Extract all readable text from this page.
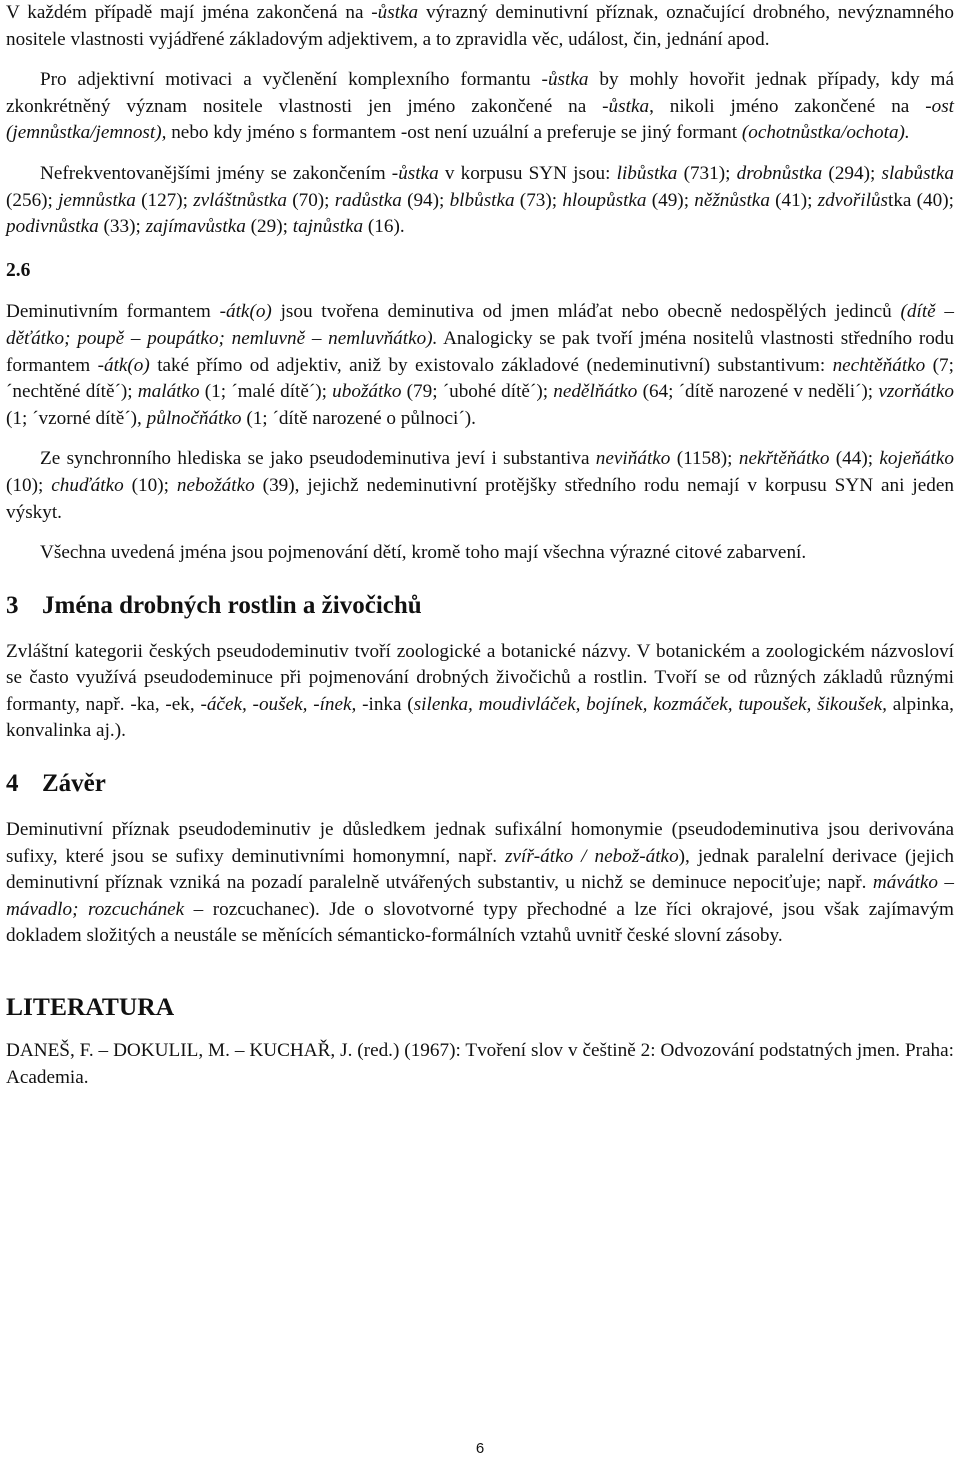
V každém případě mají jména zakončená na -ůstka výrazný deminutivní příznak, označující drobného, nevýznamného nositele vlastnosti vyjádřené základovým adjektivem, a to zpravidla věc, událost, čin, jednání apod.

Pro adjektivní motivaci a vyčlenění komplexního formantu -ůstka by mohly hovořit jednak případy, kdy má zkonkrétněný význam nositele vlastnosti jen jméno zakončené na -ůstka, nikoli jméno zakončené na -ost (jemnůstka/jemnost), nebo kdy jméno s formantem -ost není uzuální a preferuje se jiný formant (ochotnůstka/ochota).

Nefrekventovanějšími jmény se zakončením -ůstka v korpusu SYN jsou: libůstka (731); drobnůstka (294); slabůstka (256); jemnůstka (127); zvláštnůstka (70); radůstka (94); blbůstka (73); hloupůstka (49); něžnůstka (41); zdvořilůstka (40); podivnůstka (33); zajímavůstka (29); tajnůstka (16).

2.6

Deminutivním formantem -átk(o) jsou tvořena deminutiva od jmen mláďat nebo obecně nedospělých jedinců (dítě – děťátko; poupě – poupátko; nemluvně – nemluvňátko). Analogicky se pak tvoří jména nositelů vlastnosti středního rodu formantem -átk(o) také přímo od adjektiv, aniž by existovalo základové (nedeminutivní) substantivum: nechtěňátko (7; ´nechtěné dítě´); malátko (1; ´malé dítě´); ubožátko (79; ´ubohé dítě´); nedělňátko (64; ´dítě narozené v neděli´); vzorňátko (1; ´vzorné dítě´), půlnočňátko (1; ´dítě narozené o půlnoci´).

Ze synchronního hlediska se jako pseudodeminutiva jeví i substantiva neviňátko (1158); nekřtěňátko (44); kojeňátko (10); chuďátko (10); nebožátko (39), jejichž nedeminutivní protějšky středního rodu nemají v korpusu SYN ani jeden výskyt.

Všechna uvedená jména jsou pojmenování dětí, kromě toho mají všechna výrazné citové zabarvení.

3 Jména drobných rostlin a živočichů

Zvláštní kategorii českých pseudodeminutiv tvoří zoologické a botanické názvy. V botanickém a zoologickém názvosloví se často využívá pseudodeminuce při pojmenování drobných živočichů a rostlin. Tvoří se od různých základů různými formanty, např. -ka, -ek, -áček, -oušek, -ínek, -inka (silenka, moudivláček, bojínek, kozmáček, tupoušek, šikoušek, alpinka, konvalinka aj.).

4 Závěr

Deminutivní příznak pseudodeminutiv je důsledkem jednak sufixální homonymie (pseudodeminutiva jsou derivována sufixy, které jsou se sufixy deminutivními homonymní, např. zvíř-átko / nebož-átko), jednak paralelní derivace (jejich deminutivní příznak vzniká na pozadí paralelně utvářených substantiv, u nichž se deminuce nepociťuje; např. mávátko – mávadlo; rozcuchánek – rozcuchanec). Jde o slovotvorné typy přechodné a lze říci okrajové, jsou však zajímavým dokladem složitých a neustále se měnících sémanticko-formálních vztahů uvnitř české slovní zásoby.

LITERATURA

DANEŠ, F. – DOKULIL, M. – KUCHAŘ, J. (red.) (1967): Tvoření slov v češtině 2: Odvozování podstatných jmen. Praha: Academia.

6
